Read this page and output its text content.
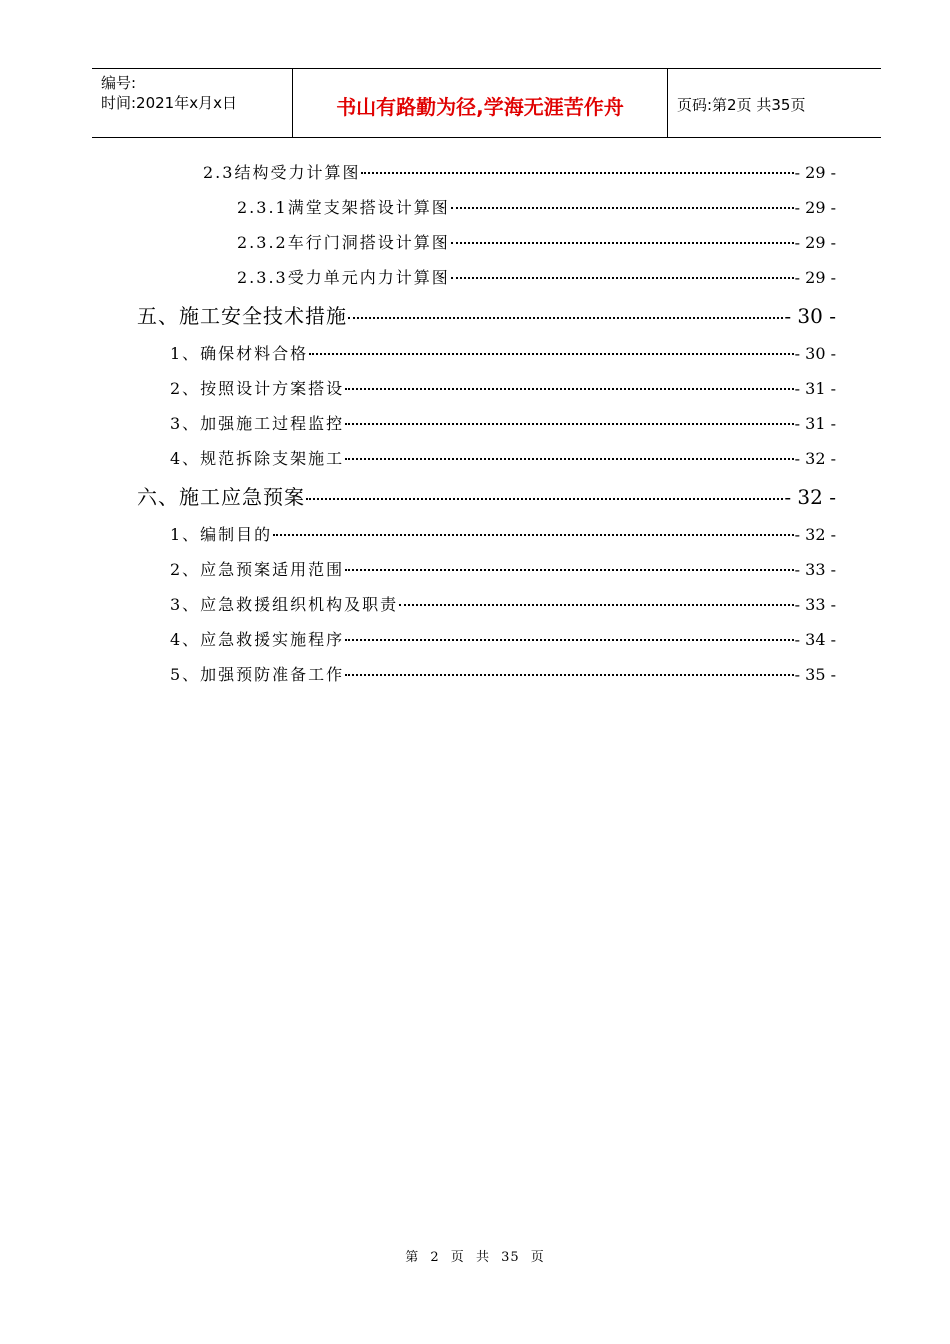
编号:
时间:2021年x月x日	书山有路勤为径,学海无涯苦作舟	页码:第2页 共35页
2.3结构受力计算图	- 29 -
2.3.1满堂支架搭设计算图	- 29 -
2.3.2车行门洞搭设计算图	- 29 -
2.3.3受力单元内力计算图	- 29 -
五、施工安全技术措施	- 30 -
1、确保材料合格	- 30 -
2、按照设计方案搭设	- 31 -
3、加强施工过程监控	- 31 -
4、规范拆除支架施工	- 32 -
六、施工应急预案	- 32 -
1、编制目的	- 32 -
2、应急预案适用范围	- 33 -
3、应急救援组织机构及职责	- 33 -
4、应急救援实施程序	- 34 -
5、加强预防准备工作	- 35 -
第 2 页 共 35 页
